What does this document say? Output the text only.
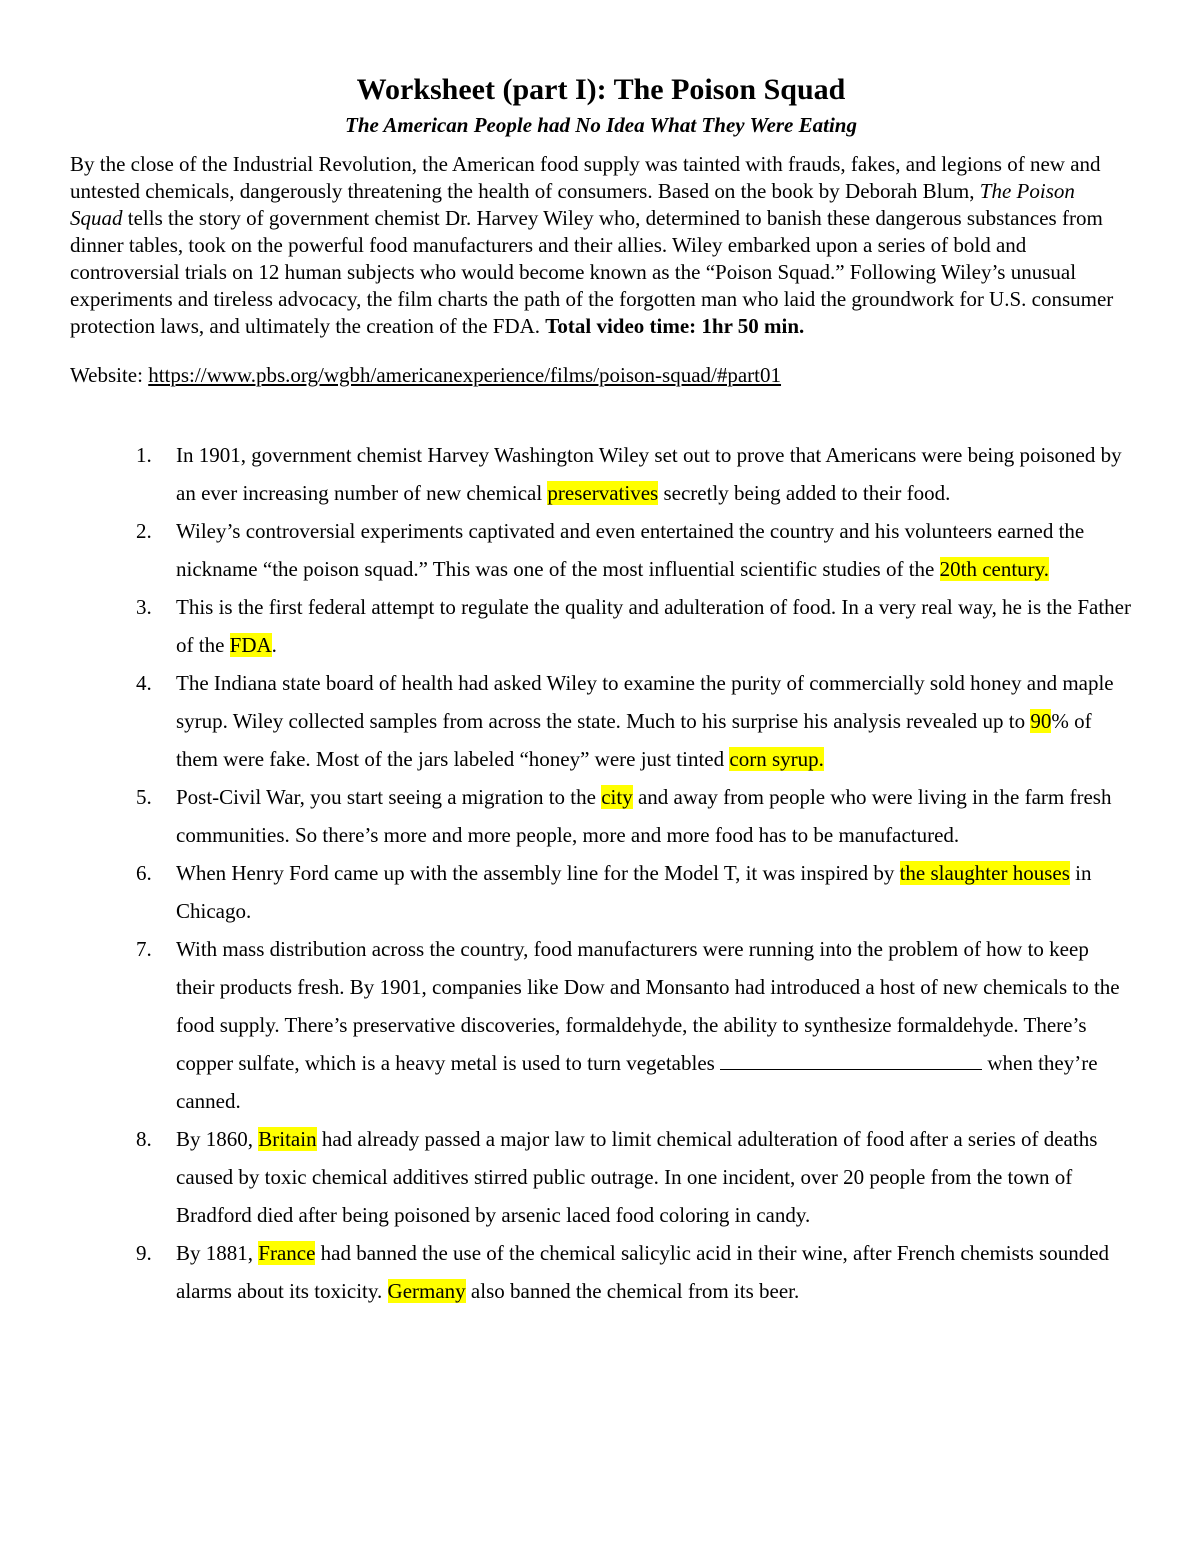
Worksheet (part I): The Poison Squad
The American People had No Idea What They Were Eating

By the close of the Industrial Revolution, the American food supply was tainted with frauds, fakes, and legions of new and untested chemicals, dangerously threatening the health of consumers. Based on the book by Deborah Blum, The Poison Squad tells the story of government chemist Dr. Harvey Wiley who, determined to banish these dangerous substances from dinner tables, took on the powerful food manufacturers and their allies. Wiley embarked upon a series of bold and controversial trials on 12 human subjects who would become known as the “Poison Squad.” Following Wiley’s unusual experiments and tireless advocacy, the film charts the path of the forgotten man who laid the groundwork for U.S. consumer protection laws, and ultimately the creation of the FDA. Total video time: 1hr 50 min.

Website: https://www.pbs.org/wgbh/americanexperience/films/poison-squad/#part01

1. In 1901, government chemist Harvey Washington Wiley set out to prove that Americans were being poisoned by an ever increasing number of new chemical preservatives secretly being added to their food.
2. Wiley’s controversial experiments captivated and even entertained the country and his volunteers earned the nickname “the poison squad.” This was one of the most influential scientific studies of the 20th century.
3. This is the first federal attempt to regulate the quality and adulteration of food. In a very real way, he is the Father of the FDA.
4. The Indiana state board of health had asked Wiley to examine the purity of commercially sold honey and maple syrup. Wiley collected samples from across the state. Much to his surprise his analysis revealed up to 90% of them were fake. Most of the jars labeled “honey” were just tinted corn syrup.
5. Post-Civil War, you start seeing a migration to the city and away from people who were living in the farm fresh communities. So there’s more and more people, more and more food has to be manufactured.
6. When Henry Ford came up with the assembly line for the Model T, it was inspired by the slaughter houses in Chicago.
7. With mass distribution across the country, food manufacturers were running into the problem of how to keep their products fresh. By 1901, companies like Dow and Monsanto had introduced a host of new chemicals to the food supply. There’s preservative discoveries, formaldehyde, the ability to synthesize formaldehyde. There’s copper sulfate, which is a heavy metal is used to turn vegetables	when they’re canned.
8. By 1860, Britain had already passed a major law to limit chemical adulteration of food after a series of deaths caused by toxic chemical additives stirred public outrage. In one incident, over 20 people from the town of Bradford died after being poisoned by arsenic laced food coloring in candy.
9. By 1881, France had banned the use of the chemical salicylic acid in their wine, after French chemists sounded alarms about its toxicity. Germany also banned the chemical from its beer.
